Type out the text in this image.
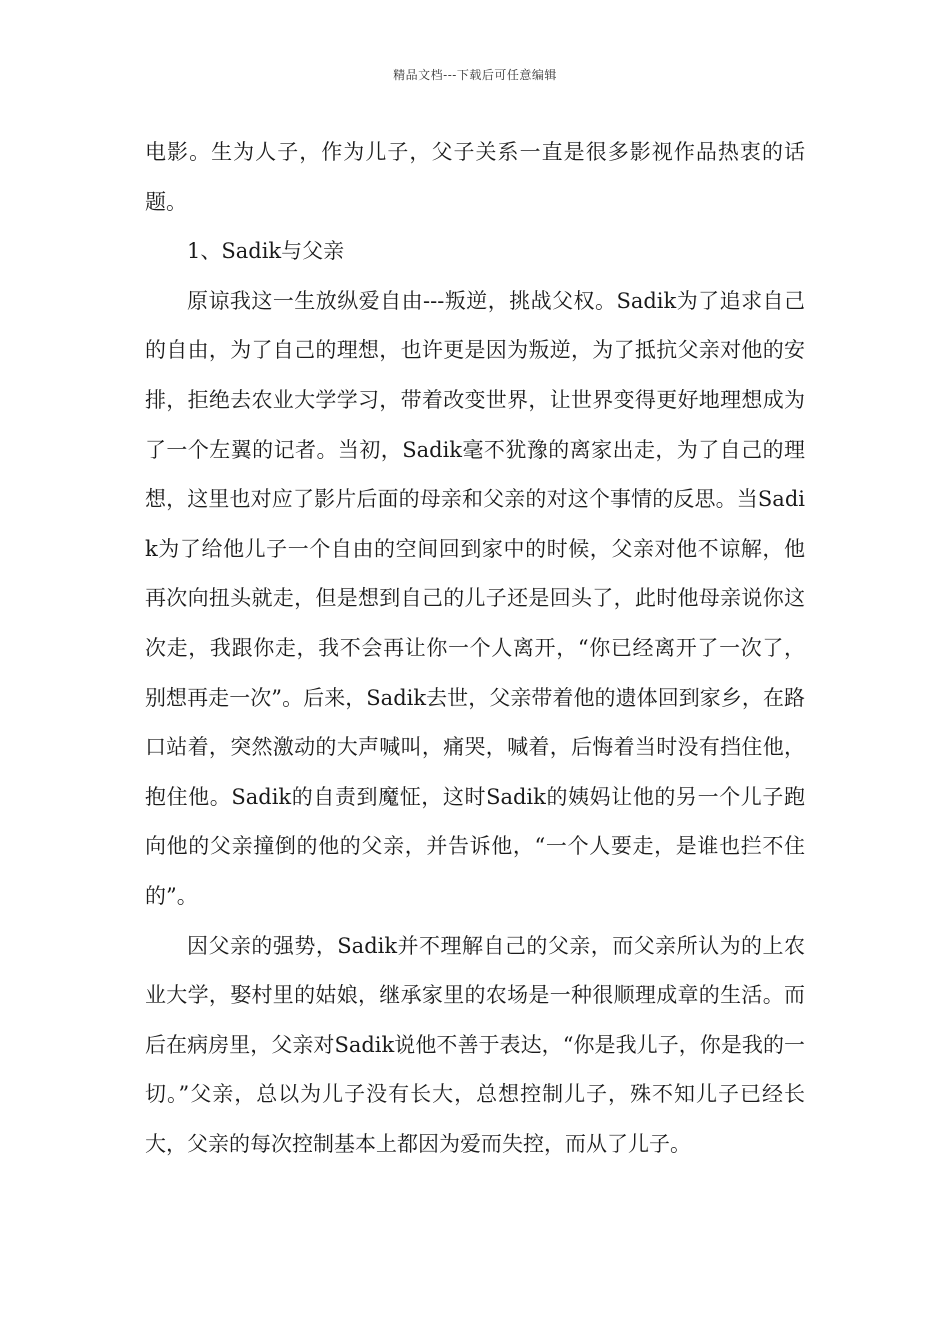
精品文档---下载后可任意编辑

电影。生为人子，作为儿子，父子关系一直是很多影视作品热衷的话题。

1、Sadik与父亲

原谅我这一生放纵爱自由---叛逆，挑战父权。Sadik为了追求自己的自由，为了自己的理想，也许更是因为叛逆，为了抵抗父亲对他的安排，拒绝去农业大学学习，带着改变世界，让世界变得更好地理想成为了一个左翼的记者。当初，Sadik毫不犹豫的离家出走，为了自己的理想，这里也对应了影片后面的母亲和父亲的对这个事情的反思。当Sadik为了给他儿子一个自由的空间回到家中的时候，父亲对他不谅解，他再次向扭头就走，但是想到自己的儿子还是回头了，此时他母亲说你这次走，我跟你走，我不会再让你一个人离开，“你已经离开了一次了，别想再走一次”。后来，Sadik去世，父亲带着他的遗体回到家乡，在路口站着，突然激动的大声喊叫，痛哭，喊着，后悔着当时没有挡住他，抱住他。Sadik的自责到魔怔，这时Sadik的姨妈让他的另一个儿子跑向他的父亲撞倒的他的父亲，并告诉他，“一个人要走，是谁也拦不住的”。

因父亲的强势，Sadik并不理解自己的父亲，而父亲所认为的上农业大学，娶村里的姑娘，继承家里的农场是一种很顺理成章的生活。而后在病房里，父亲对Sadik说他不善于表达，“你是我儿子，你是我的一切。”父亲，总以为儿子没有长大，总想控制儿子，殊不知儿子已经长大，父亲的每次控制基本上都因为爱而失控，而从了儿子。
